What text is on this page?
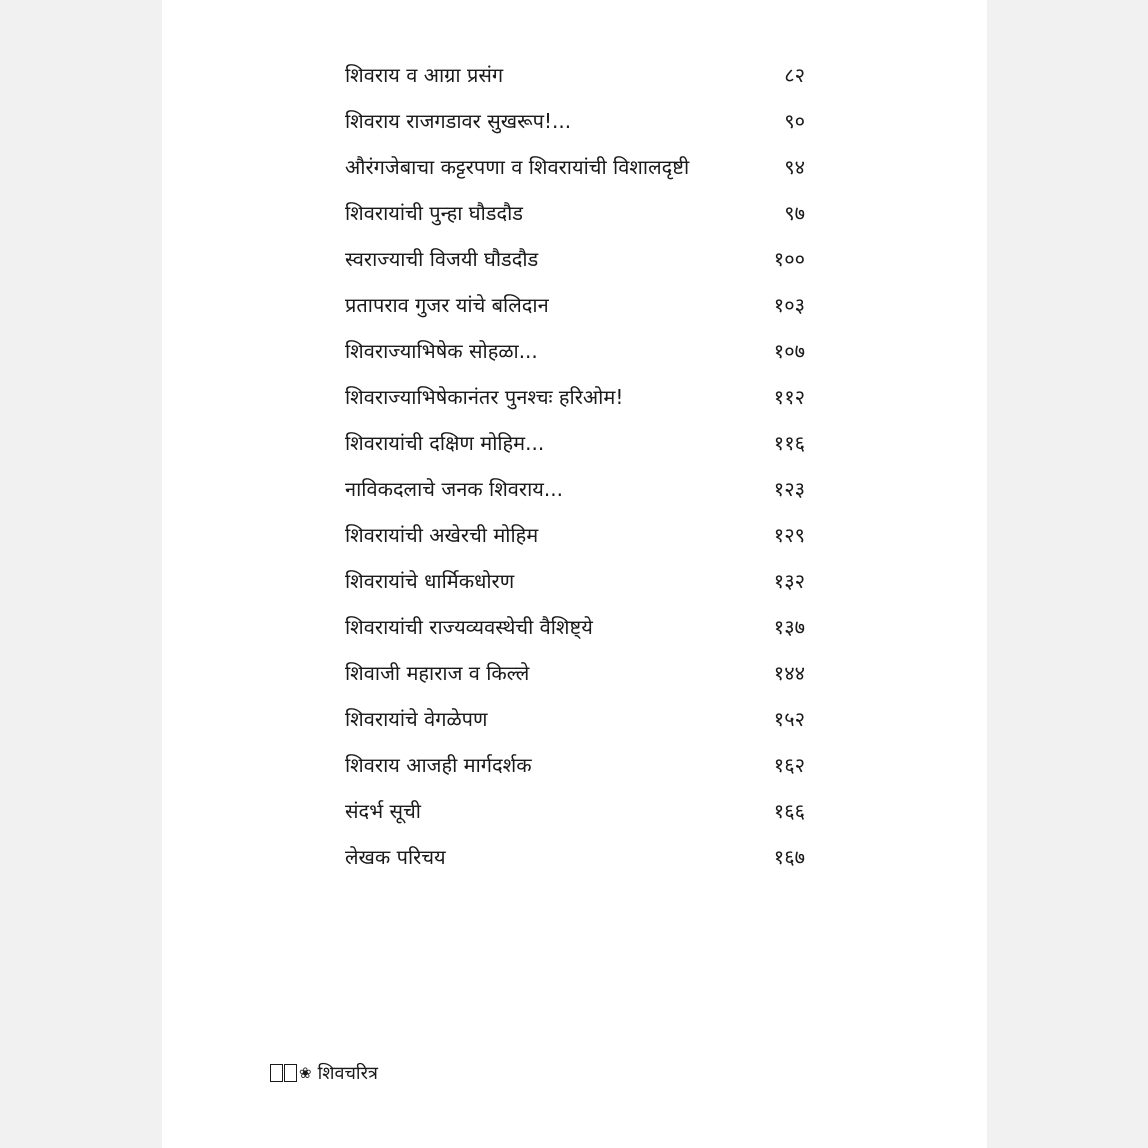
शिवराय व आग्रा प्रसंग	८२
शिवराय राजगडावर सुखरूप!...	९०
औरंगजेबाचा कट्टरपणा व शिवरायांची विशालदृष्टी	९४
शिवरायांची पुन्हा घौडदौड	९७
स्वराज्याची विजयी घौडदौड	१००
प्रतापराव गुजर यांचे बलिदान	१०३
शिवराज्याभिषेक सोहळा...	१०७
शिवराज्याभिषेकानंतर पुनश्चः हरिओम!	११२
शिवरायांची दक्षिण मोहिम...	११६
नाविकदलाचे जनक शिवराय...	१२३
शिवरायांची अखेरची मोहिम	१२९
शिवरायांचे धार्मिकधोरण	१३२
शिवरायांची राज्यव्यवस्थेची वैशिष्ट्ये	१३७
शिवाजी महाराज व किल्ले	१४४
शिवरायांचे वेगळेपण	१५२
शिवराय आजही मार्गदर्शक	१६२
संदर्भ सूची	१६६
लेखक परिचय	१६७
❀ शिवचरित्र
